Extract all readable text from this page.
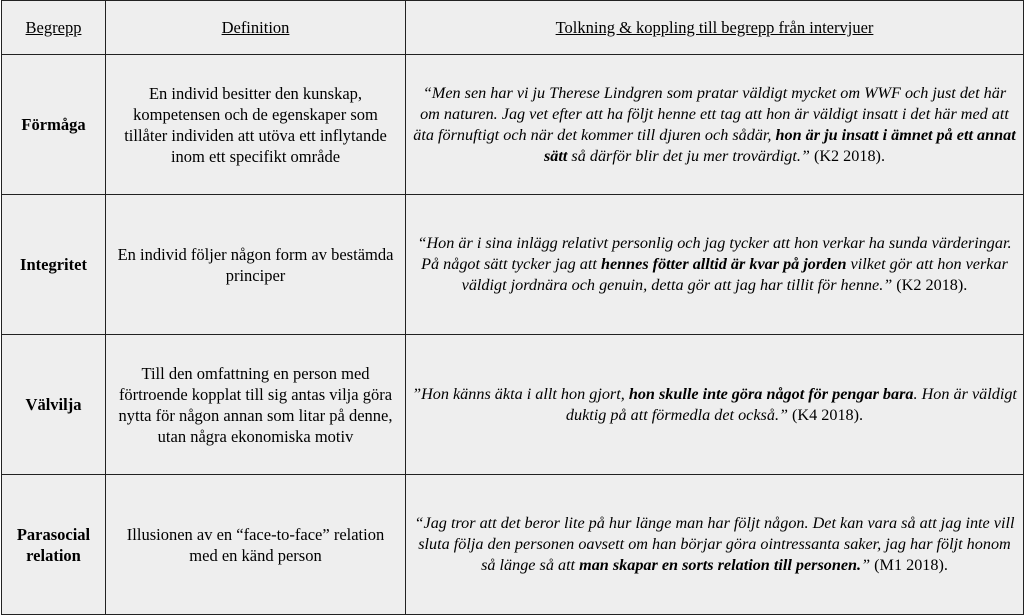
Begrepp	Definition	Tolkning & koppling till begrepp från intervjuer
Förmåga	En individ besitter den kunskap, kompetensen och de egenskaper som tillåter individen att utöva ett inflytande inom ett specifikt område	“Men sen har vi ju Therese Lindgren som pratar väldigt mycket om WWF och just det här om naturen. Jag vet efter att ha följt henne ett tag att hon är väldigt insatt i det här med att äta förnuftigt och när det kommer till djuren och sådär, hon är ju insatt i ämnet på ett annat sätt så därför blir det ju mer trovärdigt.” (K2 2018).
Integritet	En individ följer någon form av bestämda principer	“Hon är i sina inlägg relativt personlig och jag tycker att hon verkar ha sunda värderingar. På något sätt tycker jag att hennes fötter alltid är kvar på jorden vilket gör att hon verkar väldigt jordnära och genuin, detta gör att jag har tillit för henne.” (K2 2018).
Välvilja	Till den omfattning en person med förtroende kopplat till sig antas vilja göra nytta för någon annan som litar på denne, utan några ekonomiska motiv	”Hon känns äkta i allt hon gjort, hon skulle inte göra något för pengar bara. Hon är väldigt duktig på att förmedla det också.” (K4 2018).
Parasocial relation	Illusionen av en “face-to-face” relation med en känd person	“Jag tror att det beror lite på hur länge man har följt någon. Det kan vara så att jag inte vill sluta följa den personen oavsett om han börjar göra ointressanta saker, jag har följt honom så länge så att man skapar en sorts relation till personen.” (M1 2018).
